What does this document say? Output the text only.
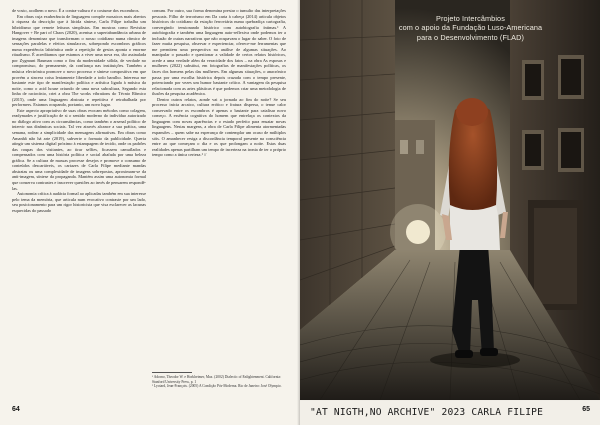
de vosto, acolhem o novo. É a contra-cultura é o costume dos escombros.

Em obras cuja exuberância de linguagem compõe mosaicos mais abertos à riqueza da descrição que à lúcida síntese, Carla Filipe trabalha um hibridismo que remete leituras simplistas. Em mostras como Revisitar Hangover + Be part of Chaos (2020), acentua o supertabundância urbana de imagens denominar que transformam o nosso cotidiano numa rítmico de sensações paralelas e efeitos simulacros, sobrepondo escombros gráficos numa experiência labiríntica onde a repetição de gestos aponta o enorme ritualismo. É acreditamos que estamos a viver uma nova era, tão assinalada por Zygmunt Bauman como o fim da modernidade sólida, de verdade no compromisso, do permanente, da confiança nas instituições. Também a música electrónica promove o novo processo e síntese compositiva em que provém a sincera coisa lentamente liberdade a todo barulho. Interessa me bastante este tipo de manifestação política e artística ligada à música da noite, como o acid house oriundo de uma nova subcultura, Segundo esta linha de raciocínio, criei a obra The works vibrations do Técnio Rítmico (2015), onde uma linguagem abstrata e repetitiva é retrabalhada por performers. Estamos ocupando, portanto, um novo lugar.

Este aspecto apropriativo de suas obras evocam métodos como colagem, readymades e justificação de si o sentido moderno do indivíduo autorizado no diálogo ativo com as circunstâncias, como também o arsenal político de intervir nas dinâmicas sociais. Tal vez através alcance a sua prática, uma semana, rodear a simplicidade das mensagens afirmativas. Em obras como Amanhã não há arte (2019), subverte o formato da publicidade. Queria atingir um sistema digital próximo à estampagem de tecido, onde os padrões das roupas dos visitantes, ao tirar selfies, ficassem camuflados e compensados com uma história política e social abafada por uma beleza gráfica. Se a cultura de massas processe desejos e promove o consumo de conteúdos descartáveis, os cartazes de Carla Filipe mediante mandas abstratas ou uma complexidade de imagens sobrepostas, aproximam-se da anti-imagem, síntese da propaganda. Mantém assim uma autonomia formal que conserva contrastes e inscrever questões ao invés de pensarem respondê-las.

Autonomia crítica à audácia formal ao aplicadas também em sua interesse pelo tema da memória, que articula num evocativo contraste por um lado, seu posicionamento para um rigor historicista que visa esclarecer as lacunas esquecidas do passado

comum. Por outro, sua forma denomina prestar o tumulto das interpretações pessoais. Filho de terrorismo em Da carta à cabeça (2014) articula objetos históricos do cotidiano da estação ferroviária numa quebradiça cartografia, convergindo tensionando histórico com autobiografia íntimas.¹ A autobiografia e também uma linguagem auto-reflexiva onde podemos ter a inclusão de outras narrativas que não ocupavam o lugar do saber. O foto de fazer muita pesquisa, observar e experienciar, oferece-me ferramentas que me permitem uma perspectiva na análise de algumas situações. Ao manipular o passado e questionar a validade de certos relatos históricos, acede a uma verdade além da veracidade dos fatos – na obra As esposas e mulheres (2022) substitui, em fotografias de manifestações políticas, os faces dos homens pelas das mulheres. Em algumas situações, o anacrónico passa por uma escolha histórica depois cruzada com o tempo presente, potenciando por vezes um humor bastante crítico. A vantagem da pesquisa relacionada com as artes plásticas é que podemos criar uma metodologia de ilusões da pesquisa acadêmica.

Dentro outros relatos, aonde vai a jornada ao fim do noite? Se seu processo inicia arcaico, cultura erótico e fratura dispersa, o tenue calor conservado entre os escombros é apenas o bastante para catalisar novo começo. A essência cognitiva do homem que entrelaça os contextos da linguagem com novas aparências e o estado perfeito para ensaiar novas linguagens. Nestas margens, a obra de Carla Filipe alimenta atormentadas expansões – quem sabe na esperança de contemplar um ocaso de múltiplos sóis. O amanhecer resiga a discordância temporal presente na consciência entre ao que começam o dia e os que prolongam a noite. Estas duas realidades apenas partilham um tempo de incerteza na ironia de ter o próprio tempo como a única certeza.¹ //

¹ Adorno, Theodor W. e Horkheimer, Max. (2002) Dialectic of Enlightenment. California: Stanford University Press, p. 1
² Lyotard, Jean-François. (2005) A Condição Pós-Moderna. Rio de Janeiro: José Olympio.
64
Projeto Intercâmbios
com o apoio da Fundação Luso-Americana
para o Desenvolvimento (FLAD)
"AT NIGTH,NO ARCHIVE" 2023 CARLA FILIPE	65
